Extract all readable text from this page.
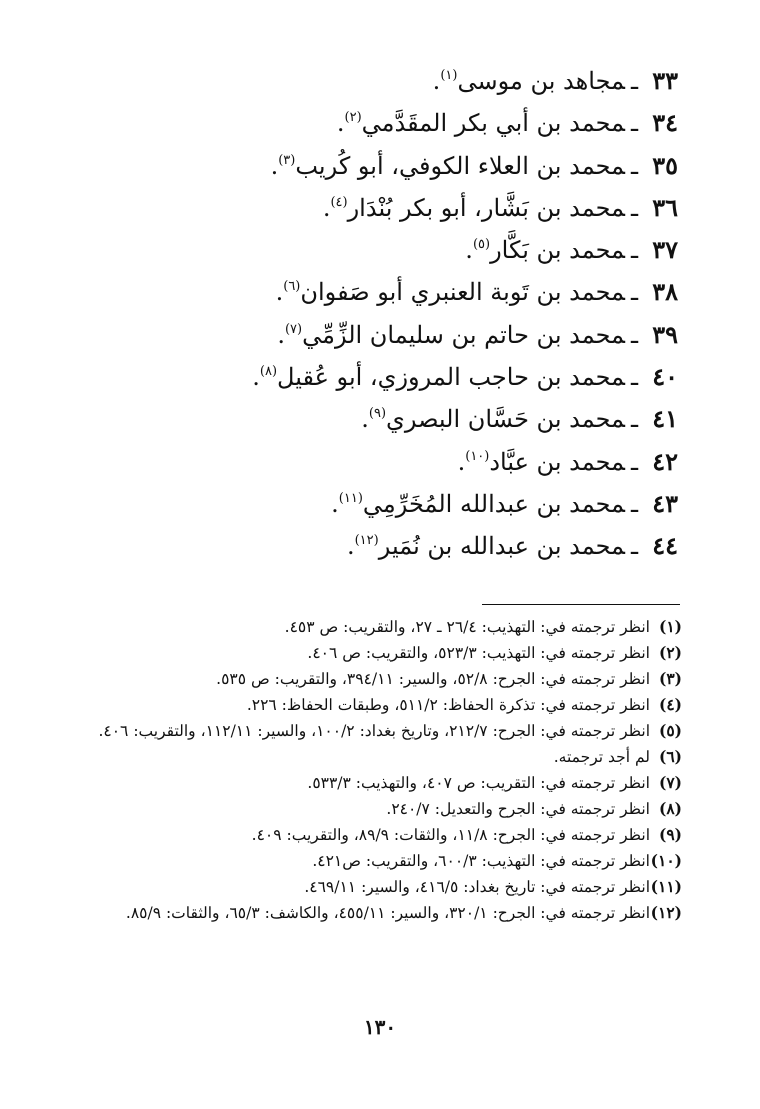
٣٣ـمجاهد بن موسى$^{(١)}$.
٣٤ـمحمد بن أبي بكر المقَدَّمي$^{(٢)}$.
٣٥ـمحمد بن العلاء الكوفي، أبو كُريب$^{(٣)}$.
٣٦ـمحمد بن بَشَّار، أبو بكر بُنْدَار$^{(٤)}$.
٣٧ـمحمد بن بَكَّار$^{(٥)}$.
٣٨ـمحمد بن تَوبة العنبري أبو صَفوان$^{(٦)}$.
٣٩ـمحمد بن حاتم بن سليمان الزِّمِّي$^{(٧)}$.
٤٠ـمحمد بن حاجب المروزي، أبو عُقيل$^{(٨)}$.
٤١ـمحمد بن حَسَّان البصري$^{(٩)}$.
٤٢ـمحمد بن عبَّاد$^{(١٠)}$.
٤٣ـمحمد بن عبدالله المُخَرِّمِي$^{(١١)}$.
٤٤ـمحمد بن عبدالله بن نُمَير$^{(١٢)}$.
(١)
انظر ترجمته في: التهذيب: ٢٦/٤ ـ ٢٧، والتقريب: ص ٤٥٣.
(٢)
انظر ترجمته في: التهذيب: ٥٢٣/٣، والتقريب: ص ٤٠٦.
(٣)
انظر ترجمته في: الجرح: ٥٢/٨، والسير: ٣٩٤/١١، والتقريب: ص ٥٣٥.
(٤)
انظر ترجمته في: تذكرة الحفاظ: ٥١١/٢، وطبقات الحفاظ: ٢٢٦.
(٥)
انظر ترجمته في: الجرح: ٢١٢/٧، وتاريخ بغداد: ١٠٠/٢، والسير: ١١٢/١١، والتقريب: ٤٠٦.
(٦)
لم أجد ترجمته.
(٧)
انظر ترجمته في: التقريب: ص ٤٠٧، والتهذيب: ٥٣٣/٣.
(٨)
انظر ترجمته في: الجرح والتعديل: ٢٤٠/٧.
(٩)
انظر ترجمته في: الجرح: ١١/٨، والثقات: ٨٩/٩، والتقريب: ٤٠٩.
(١٠)
انظر ترجمته في: التهذيب: ٦٠٠/٣، والتقريب: ص٤٢١.
(١١)
انظر ترجمته في: تاريخ بغداد: ٤١٦/٥، والسير: ٤٦٩/١١.
(١٢)
انظر ترجمته في: الجرح: ٣٢٠/١، والسير: ٤٥٥/١١، والكاشف: ٦٥/٣، والثقات: ٨٥/٩.
١٣٠
